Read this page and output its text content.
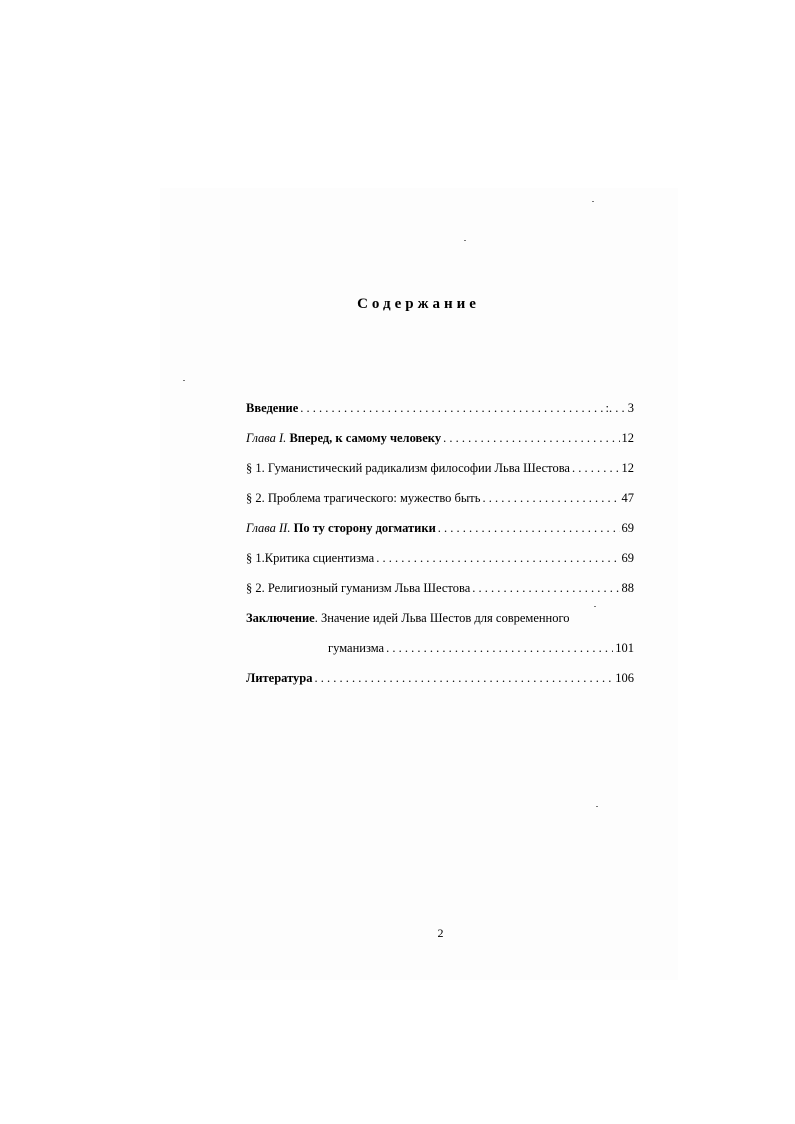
Содержание
Введение . . .	:. . . 3
Глава I. Вперед, к самому человеку . . .	12
§ 1. Гуманистический радикализм философии Льва Шестова . . .	12
§ 2. Проблема трагического: мужество быть . . .	47
Глава II. По ту сторону догматики . . .	69
§ 1.Критика сциентизма . . .	69
§ 2. Религиозный гуманизм Льва Шестова . . .	88
Заключение. Значение идей Льва Шестов для современного
гуманизма . . .	101
Литература . . .	106
2
